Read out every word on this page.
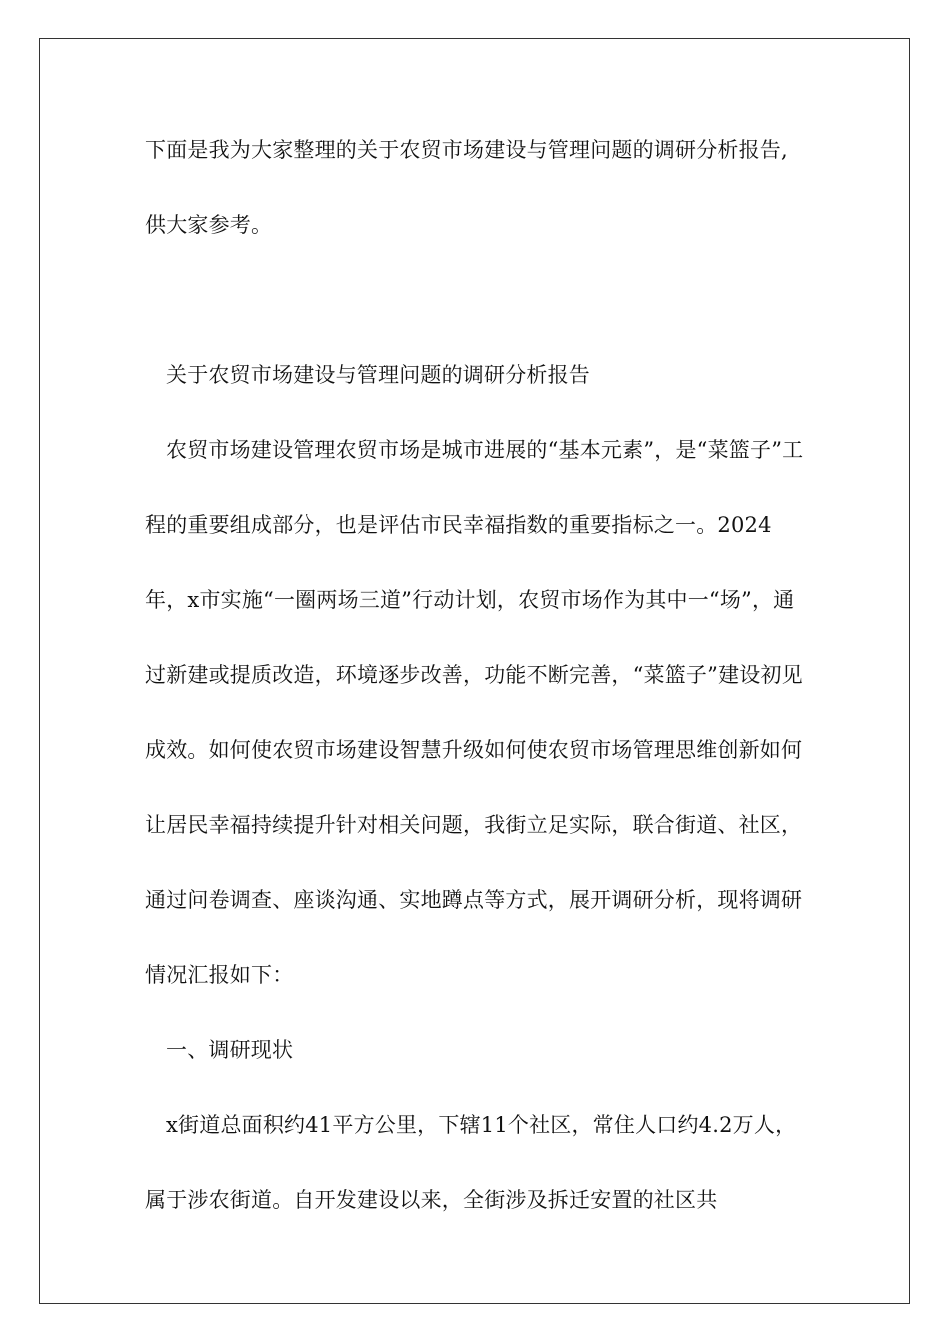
下面是我为大家整理的关于农贸市场建设与管理问题的调研分析报告,供大家参考。

关于农贸市场建设与管理问题的调研分析报告

农贸市场建设管理农贸市场是城市进展的“基本元素”，是“菜篮子”工程的重要组成部分，也是评估市民幸福指数的重要指标之一。2024年，x市实施“一圈两场三道”行动计划，农贸市场作为其中一“场”，通过新建或提质改造，环境逐步改善，功能不断完善，“菜篮子”建设初见成效。如何使农贸市场建设智慧升级如何使农贸市场管理思维创新如何让居民幸福持续提升针对相关问题，我街立足实际，联合街道、社区，通过问卷调查、座谈沟通、实地蹲点等方式，展开调研分析，现将调研情况汇报如下：

一、调研现状

x街道总面积约41平方公里，下辖11个社区，常住人口约4.2万人，属于涉农街道。自开发建设以来，全街涉及拆迁安置的社区共
